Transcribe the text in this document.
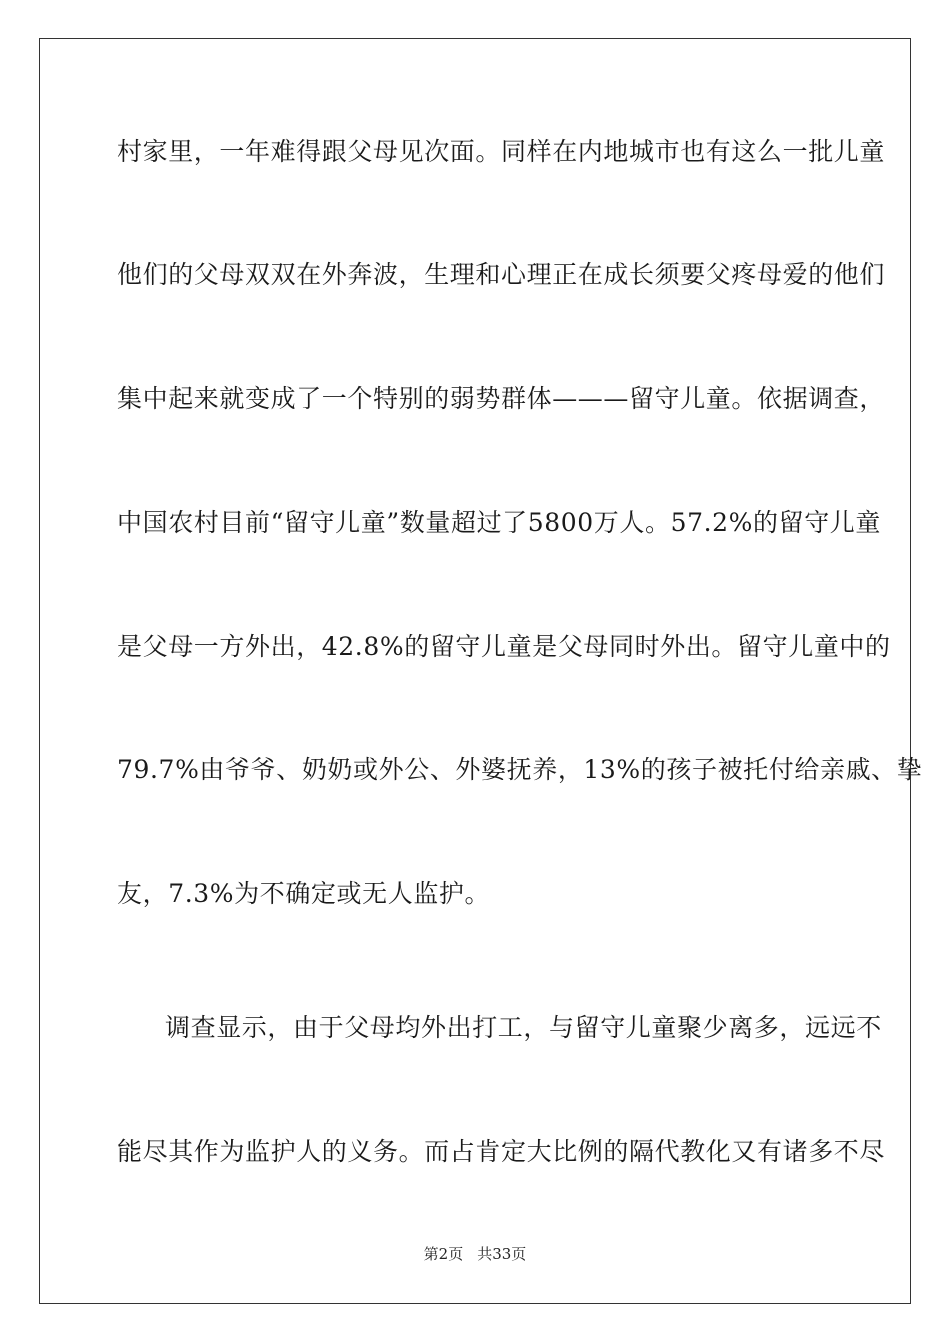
村家里，一年难得跟父母见次面。同样在内地城市也有这么一批儿童
他们的父母双双在外奔波，生理和心理正在成长须要父疼母爱的他们
集中起来就变成了一个特别的弱势群体———留守儿童。依据调查，
中国农村目前“留守儿童”数量超过了5800万人。57.2%的留守儿童
是父母一方外出，42.8%的留守儿童是父母同时外出。留守儿童中的
79.7%由爷爷、奶奶或外公、外婆抚养，13%的孩子被托付给亲戚、挚
友，7.3%为不确定或无人监护。
调查显示，由于父母均外出打工，与留守儿童聚少离多，远远不
能尽其作为监护人的义务。而占肯定大比例的隔代教化又有诸多不尽
第2页 共33页
